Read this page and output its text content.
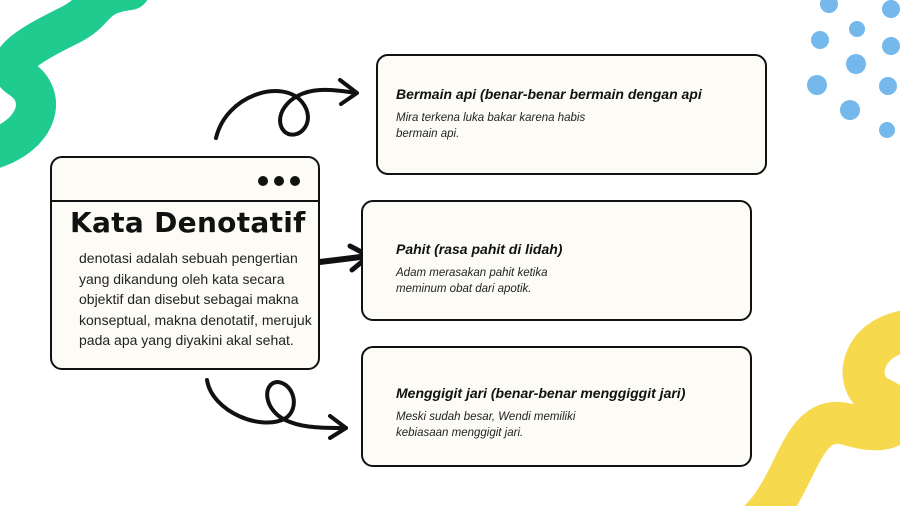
Kata Denotatif

denotasi adalah sebuah pengertian yang dikandung oleh kata secara objektif dan disebut sebagai makna konseptual, makna denotatif, merujuk pada apa yang diyakini akal sehat.

Bermain api (benar-benar bermain dengan api

Mira terkena luka bakar karena habis
bermain api.

Pahit (rasa pahit di lidah)

Adam merasakan pahit ketika
meminum obat dari apotik.

Menggigit jari (benar-benar menggiggit jari)

Meski sudah besar, Wendi memiliki
kebiasaan menggigit jari.
